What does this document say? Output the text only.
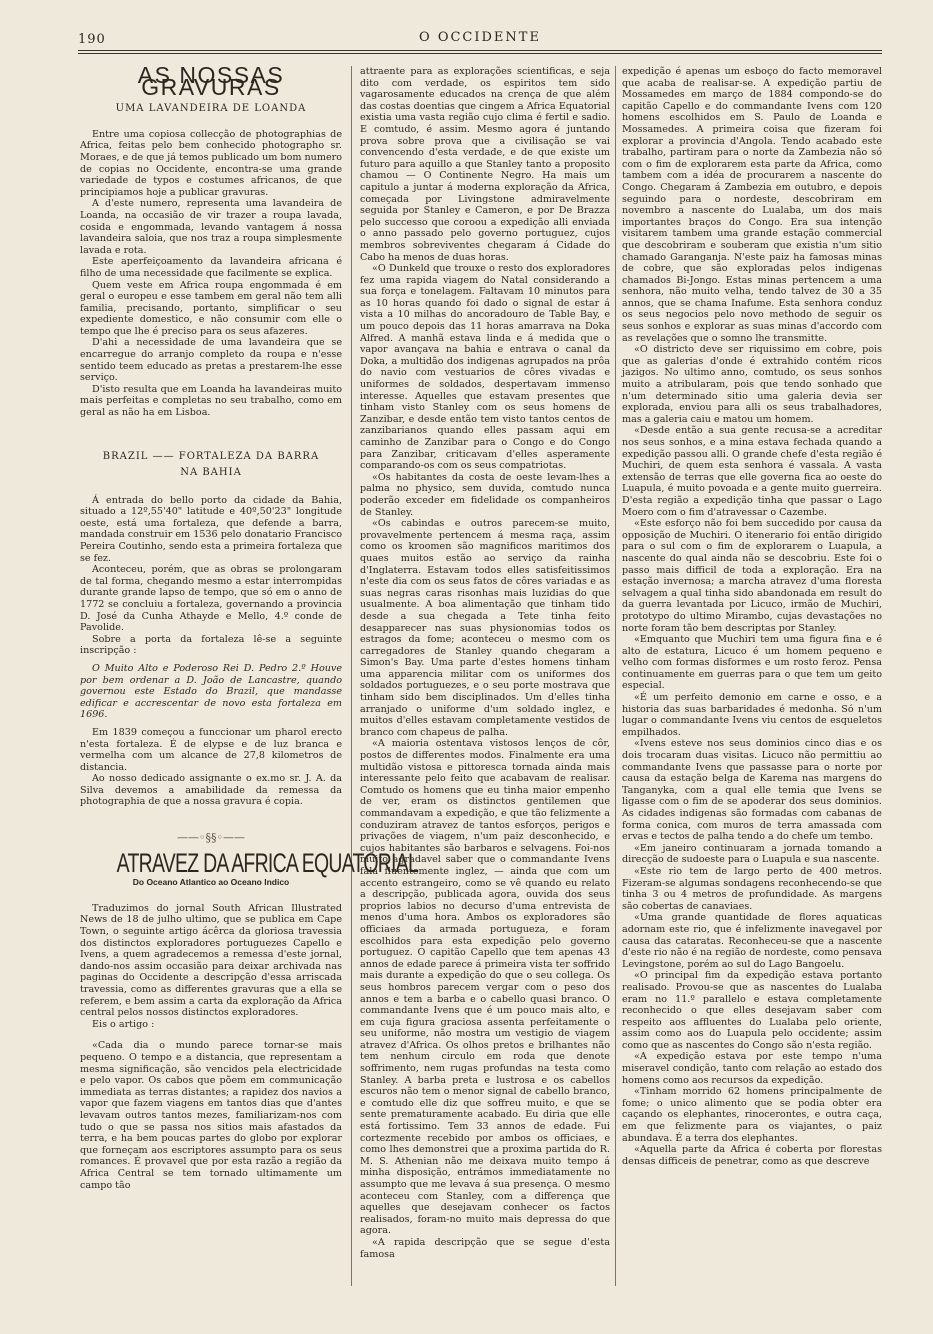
190	O OCCIDENTE
AS NOSSAS GRAVURAS
UMA LAVANDEIRA DE LOANDA

Entre uma copiosa collecção de photographias de Africa, feitas pelo bem conhecido photographo sr. Moraes, e de que já temos publicado um bom numero de copias no Occidente, encontra-se uma grande variedade de typos e costumes africanos, de que principiamos hoje a publicar gravuras.

A d'este numero, representa uma lavandeira de Loanda, na occasião de vir trazer a roupa lavada, cosida e engommada, levando vantagem á nossa lavandeira saloia, que nos traz a roupa simplesmente lavada e rota.

Este aperfeiçoamento da lavandeira africana é filho de uma necessidade que facilmente se explica.

Quem veste em Africa roupa engommada é em geral o europeu e esse tambem em geral não tem alli familia, precisando, portanto, simplificar o seu expediente domestico, e não consumir com elle o tempo que lhe é preciso para os seus afazeres.

D'ahi a necessidade de uma lavandeira que se encarregue do arranjo completo da roupa e n'esse sentido teem educado as pretas a prestarem-lhe esse serviço.

D'isto resulta que em Loanda ha lavandeiras muito mais perfeitas e completas no seu trabalho, como em geral as não ha em Lisboa.

BRAZIL —— FORTALEZA DA BARRA
NA BAHIA

Á entrada do bello porto da cidade da Bahia, situado a 12º,55'40" latitude e 40º,50'23" longitude oeste, está uma fortaleza, que defende a barra, mandada construir em 1536 pelo donatario Francisco Pereira Coutinho, sendo esta a primeira fortaleza que se fez.

Aconteceu, porém, que as obras se prolongaram de tal forma, chegando mesmo a estar interrompidas durante grande lapso de tempo, que só em o anno de 1772 se concluiu a fortaleza, governando a provincia D. José da Cunha Athayde e Mello, 4.º conde de Pavolide.

Sobre a porta da fortaleza lê-se a seguinte inscripção :

O Muito Alto e Poderoso Rei D. Pedro 2.º Houve por bem ordenar a D. João de Lancastre, quando governou este Estado do Brazil, que mandasse edificar e accrescentar de novo esta fortaleza em 1696.

Em 1839 começou a funccionar um pharol erecto n'esta fortaleza. É de elypse e de luz branca e vermelha com um alcance de 27,8 kilometros de distancia.

Ao nosso dedicado assignante o ex.mo sr. J. A. da Silva devemos a amabilidade da remessa da photographia de que a nossa gravura é copia.

——◦§§◦——
ATRAVEZ DA AFRICA EQUATORIAL
Do Oceano Atlantico ao Oceano Indico

Traduzimos do jornal South African Illustrated News de 18 de julho ultimo, que se publica em Cape Town, o seguinte artigo ácêrca da gloriosa travessia dos distinctos exploradores portuguezes Capello e Ivens, a quem agradecemos a remessa d'este jornal, dando-nos assim occasião para deixar archivada nas paginas do Occidente a descripção d'essa arriscada travessia, como as differentes gravuras que a ella se referem, e bem assim a carta da exploração da Africa central pelos nossos distinctos exploradores.

Eis o artigo :

«Cada dia o mundo parece tornar-se mais pequeno. O tempo e a distancia, que representam a mesma significação, são vencidos pela electricidade e pelo vapor. Os cabos que põem em communicação immediata as terras distantes; a rapidez dos navios a vapor que fazem viagens em tantos dias que d'antes levavam outros tantos mezes, familiarizam-nos com tudo o que se passa nos sitios mais afastados da terra, e ha bem poucas partes do globo por explorar que forneçam aos escriptores assumpto para os seus romances. É provavel que por esta razão a região da Africa Central se tem tornado ultimamente um campo tão

attraente para as explorações scientificas, e seja dito com verdade, os espiritos tem sido vagarosamente educados na crença de que além das costas doentias que cingem a Africa Equatorial existia uma vasta região cujo clima é fertil e sadio. E comtudo, é assim. Mesmo agora é juntando prova sobre prova que a civilisação se vai convencendo d'esta verdade, e de que existe um futuro para aquillo a que Stanley tanto a proposito chamou — O Continente Negro. Ha mais um capitulo a juntar á moderna exploração da Africa, começada por Livingstone admiravelmente seguida por Stanley e Cameron, e por De Brazza pelo successo que coroou a expedição alli enviada o anno passado pelo governo portuguez, cujos membros sobreviventes chegaram á Cidade do Cabo ha menos de duas horas.

«O Dunkeld que trouxe o resto dos exploradores fez uma rapida viagem do Natal considerando a sua força e tonelagem. Faltavam 10 minutos para as 10 horas quando foi dado o signal de estar á vista a 10 milhas do ancoradouro de Table Bay, e um pouco depois das 11 horas amarrava na Doka Alfred. A manhã estava linda e á medida que o vapor avançava na bahia e entrava o canal da Doka, a multidão dos indigenas agrupados na prôa do navio com vestuarios de côres vivadas e uniformes de soldados, despertavam immenso interesse. Aquelles que estavam presentes que tinham visto Stanley com os seus homens de Zanzibar, e desde então tem visto tantos centos de zanzibarianos quando elles passam aqui em caminho de Zanzibar para o Congo e do Congo para Zanzibar, criticavam d'elles asperamente comparando-os com os seus compatriotas.

«Os habitantes da costa de oeste levam-lhes a palma no physico, sem duvida, comtudo nunca poderão exceder em fidelidade os companheiros de Stanley.

«Os cabindas e outros parecem-se muito, provavelmente pertencem á mesma raça, assim como os kroomen são magnificos maritimos dos quaes muitos estão ao serviço da rainha d'Inglaterra. Estavam todos elles satisfeitissimos n'este dia com os seus fatos de côres variadas e as suas negras caras risonhas mais luzidias do que usualmente. A boa alimentação que tinham tido desde a sua chegada a Tete tinha feito desapparecer nas suas physionomias todos os estragos da fome; aconteceu o mesmo com os carregadores de Stanley quando chegaram a Simon's Bay. Uma parte d'estes homens tinham uma apparencia militar com os uniformes dos soldados portuguezes, e o seu porte mostrava que tinham sido bem disciplinados. Um d'elles tinha arranjado o uniforme d'um soldado inglez, e muitos d'elles estavam completamente vestidos de branco com chapeus de palha.

«A maioria ostentava vistosos lenços de côr, postos de differentes modos. Finalmente era uma multidão vistosa e pittoresca tornada ainda mais interessante pelo feito que acabavam de realisar. Comtudo os homens que eu tinha maior empenho de ver, eram os distinctos gentilemen que commandavam a expedição, e que tão felizmente a conduziram atravez de tantos esforços, perigos e privações de viagem, n'um paiz desconhecido, e cujos habitantes são barbaros e selvagens. Foi-nos muito agradavel saber que o commandante Ivens fala fluentemente inglez, — ainda que com um accento estrangeiro, como se vê quando eu relato a descripção, publicada agora, ouvida dos seus proprios labios no decurso d'uma entrevista de menos d'uma hora. Ambos os exploradores são officiaes da armada portugueza, e foram escolhidos para esta expedição pelo governo portuguez. O capitão Capello que tem apenas 43 annos de edade parece á primeira vista ter soffrido mais durante a expedição do que o seu collega. Os seus hombros parecem vergar com o peso dos annos e tem a barba e o cabello quasi branco. O commandante Ivens que é um pouco mais alto, e em cuja figura graciosa assenta perfeitamente o seu uniforme, não mostra um vestigio de viagem atravez d'Africa. Os olhos pretos e brilhantes não tem nenhum circulo em roda que denote soffrimento, nem rugas profundas na testa como Stanley. A barba preta e lustrosa e os cabellos escuros não tem o menor signal de cabello branco, e comtudo elle diz que soffreu muito, e que se sente prematuramente acabado. Eu diria que elle está fortissimo. Tem 33 annos de edade. Fui cortezmente recebido por ambos os officiaes, e como lhes demonstrei que a proxima partida do R. M. S. Athenian não me deixava muito tempo á minha disposição, entrámos immediatamente no assumpto que me levava á sua presença. O mesmo aconteceu com Stanley, com a differença que aquelles que desejavam conhecer os factos realisados, foram-no muito mais depressa do que agora.

«A rapida descripção que se segue d'esta famosa

expedição é apenas um esboço do facto memoravel que acaba de realisar-se. A expedição partiu de Mossamedes em março de 1884 compondo-se do capitão Capello e do commandante Ivens com 120 homens escolhidos em S. Paulo de Loanda e Mossamedes. A primeira coisa que fizeram foi explorar a provincia d'Angola. Tendo acabado este trabalho, partiram para o norte da Zambezia não só com o fim de explorarem esta parte da Africa, como tambem com a idéa de procurarem a nascente do Congo. Chegaram á Zambezia em outubro, e depois seguindo para o nordeste, descobriram em novembro a nascente do Lualaba, um dos mais importantes braços do Congo. Era sua intenção visitarem tambem uma grande estação commercial que descobriram e souberam que existia n'um sitio chamado Garanganja. N'este paiz ha famosas minas de cobre, que são exploradas pelos indigenas chamados Bi-Jongo. Estas minas pertencem a uma senhora, não muito velha, tendo talvez de 30 a 35 annos, que se chama Inafume. Esta senhora conduz os seus negocios pelo novo methodo de seguir os seus sonhos e explorar as suas minas d'accordo com as revelações que o somno lhe transmitte.

«O districto deve ser riquissimo em cobre, pois que as galerias d'onde é extrahido contém ricos jazigos. No ultimo anno, comtudo, os seus sonhos muito a atribularam, pois que tendo sonhado que n'um determinado sitio uma galeria devia ser explorada, enviou para alli os seus trabalhadores, mas a galeria caiu e matou um homem.

«Desde então a sua gente recusa-se a acreditar nos seus sonhos, e a mina estava fechada quando a expedição passou alli. O grande chefe d'esta região é Muchiri, de quem esta senhora é vassala. A vasta extensão de terras que elle governa fica ao oeste do Luapula, é muito povoada e a gente muito guerreira. D'esta região a expedição tinha que passar o Lago Moero com o fim d'atravessar o Cazembe.

«Este esforço não foi bem succedido por causa da opposição de Muchiri. O itenerario foi então dirigido para o sul com o fim de explorarem o Luapula, a nascente do qual ainda não se descobriu. Este foi o passo mais difficil de toda a exploração. Era na estação invernosa; a marcha atravez d'uma floresta selvagem a qual tinha sido abandonada em result do da guerra levantada por Licuco, irmão de Muchiri, prototypo do ultimo Mirambo, cujas devastações no norte foram tão bem descriptas por Stanley.

«Emquanto que Muchiri tem uma figura fina e é alto de estatura, Licuco é um homem pequeno e velho com formas disformes e um rosto feroz. Pensa continuamente em guerras para o que tem um geito especial.

«É um perfeito demonio em carne e osso, e a historia das suas barbaridades é medonha. Só n'um lugar o commandante Ivens viu centos de esqueletos empilhados.

«Ivens esteve nos seus dominios cinco dias e os dois trocaram duas visitas. Licuco não permittiu ao commandante Ivens que passasse para o norte por causa da estação belga de Karema nas margens do Tanganyka, com a qual elle temia que Ivens se ligasse com o fim de se apoderar dos seus dominios. As cidades indigenas são formadas com cabanas de forma conica, com muros de terra amassada com ervas e tectos de palha tendo a do chefe um tembo.

«Em janeiro continuaram a jornada tomando a direcção de sudoeste para o Luapula e sua nascente.

«Este rio tem de largo perto de 400 metros. Fizeram-se algumas sondagens reconhecendo-se que tinha 3 ou 4 metros de profundidade. As margens são cobertas de canaviaes.

«Uma grande quantidade de flores aquaticas adornam este rio, que é infelizmente inavegavel por causa das cataratas. Reconheceu-se que a nascente d'este rio não é na região de nordeste, como pensava Levingstone, porém ao sul do Lago Bangoelu.

«O principal fim da expedição estava portanto realisado. Provou-se que as nascentes do Lualaba eram no 11.º parallelo e estava completamente reconhecido o que elles desejavam saber com respeito aos affluentes do Lualaba pelo oriente, assim como aos do Luapula pelo occidente; assim como que as nascentes do Congo são n'esta região.

«A expedição estava por este tempo n'uma miseravel condição, tanto com relação ao estado dos homens como aos recursos da expedição.

«Tinham morrido 62 homens principalmente de fome; o unico alimento que se podia obter era caçando os elephantes, rinocerontes, e outra caça, em que felizmente para os viajantes, o paiz abundava. É a terra dos elephantes.

«Aquella parte da Africa é coberta por florestas densas difficeis de penetrar, como as que descreve
